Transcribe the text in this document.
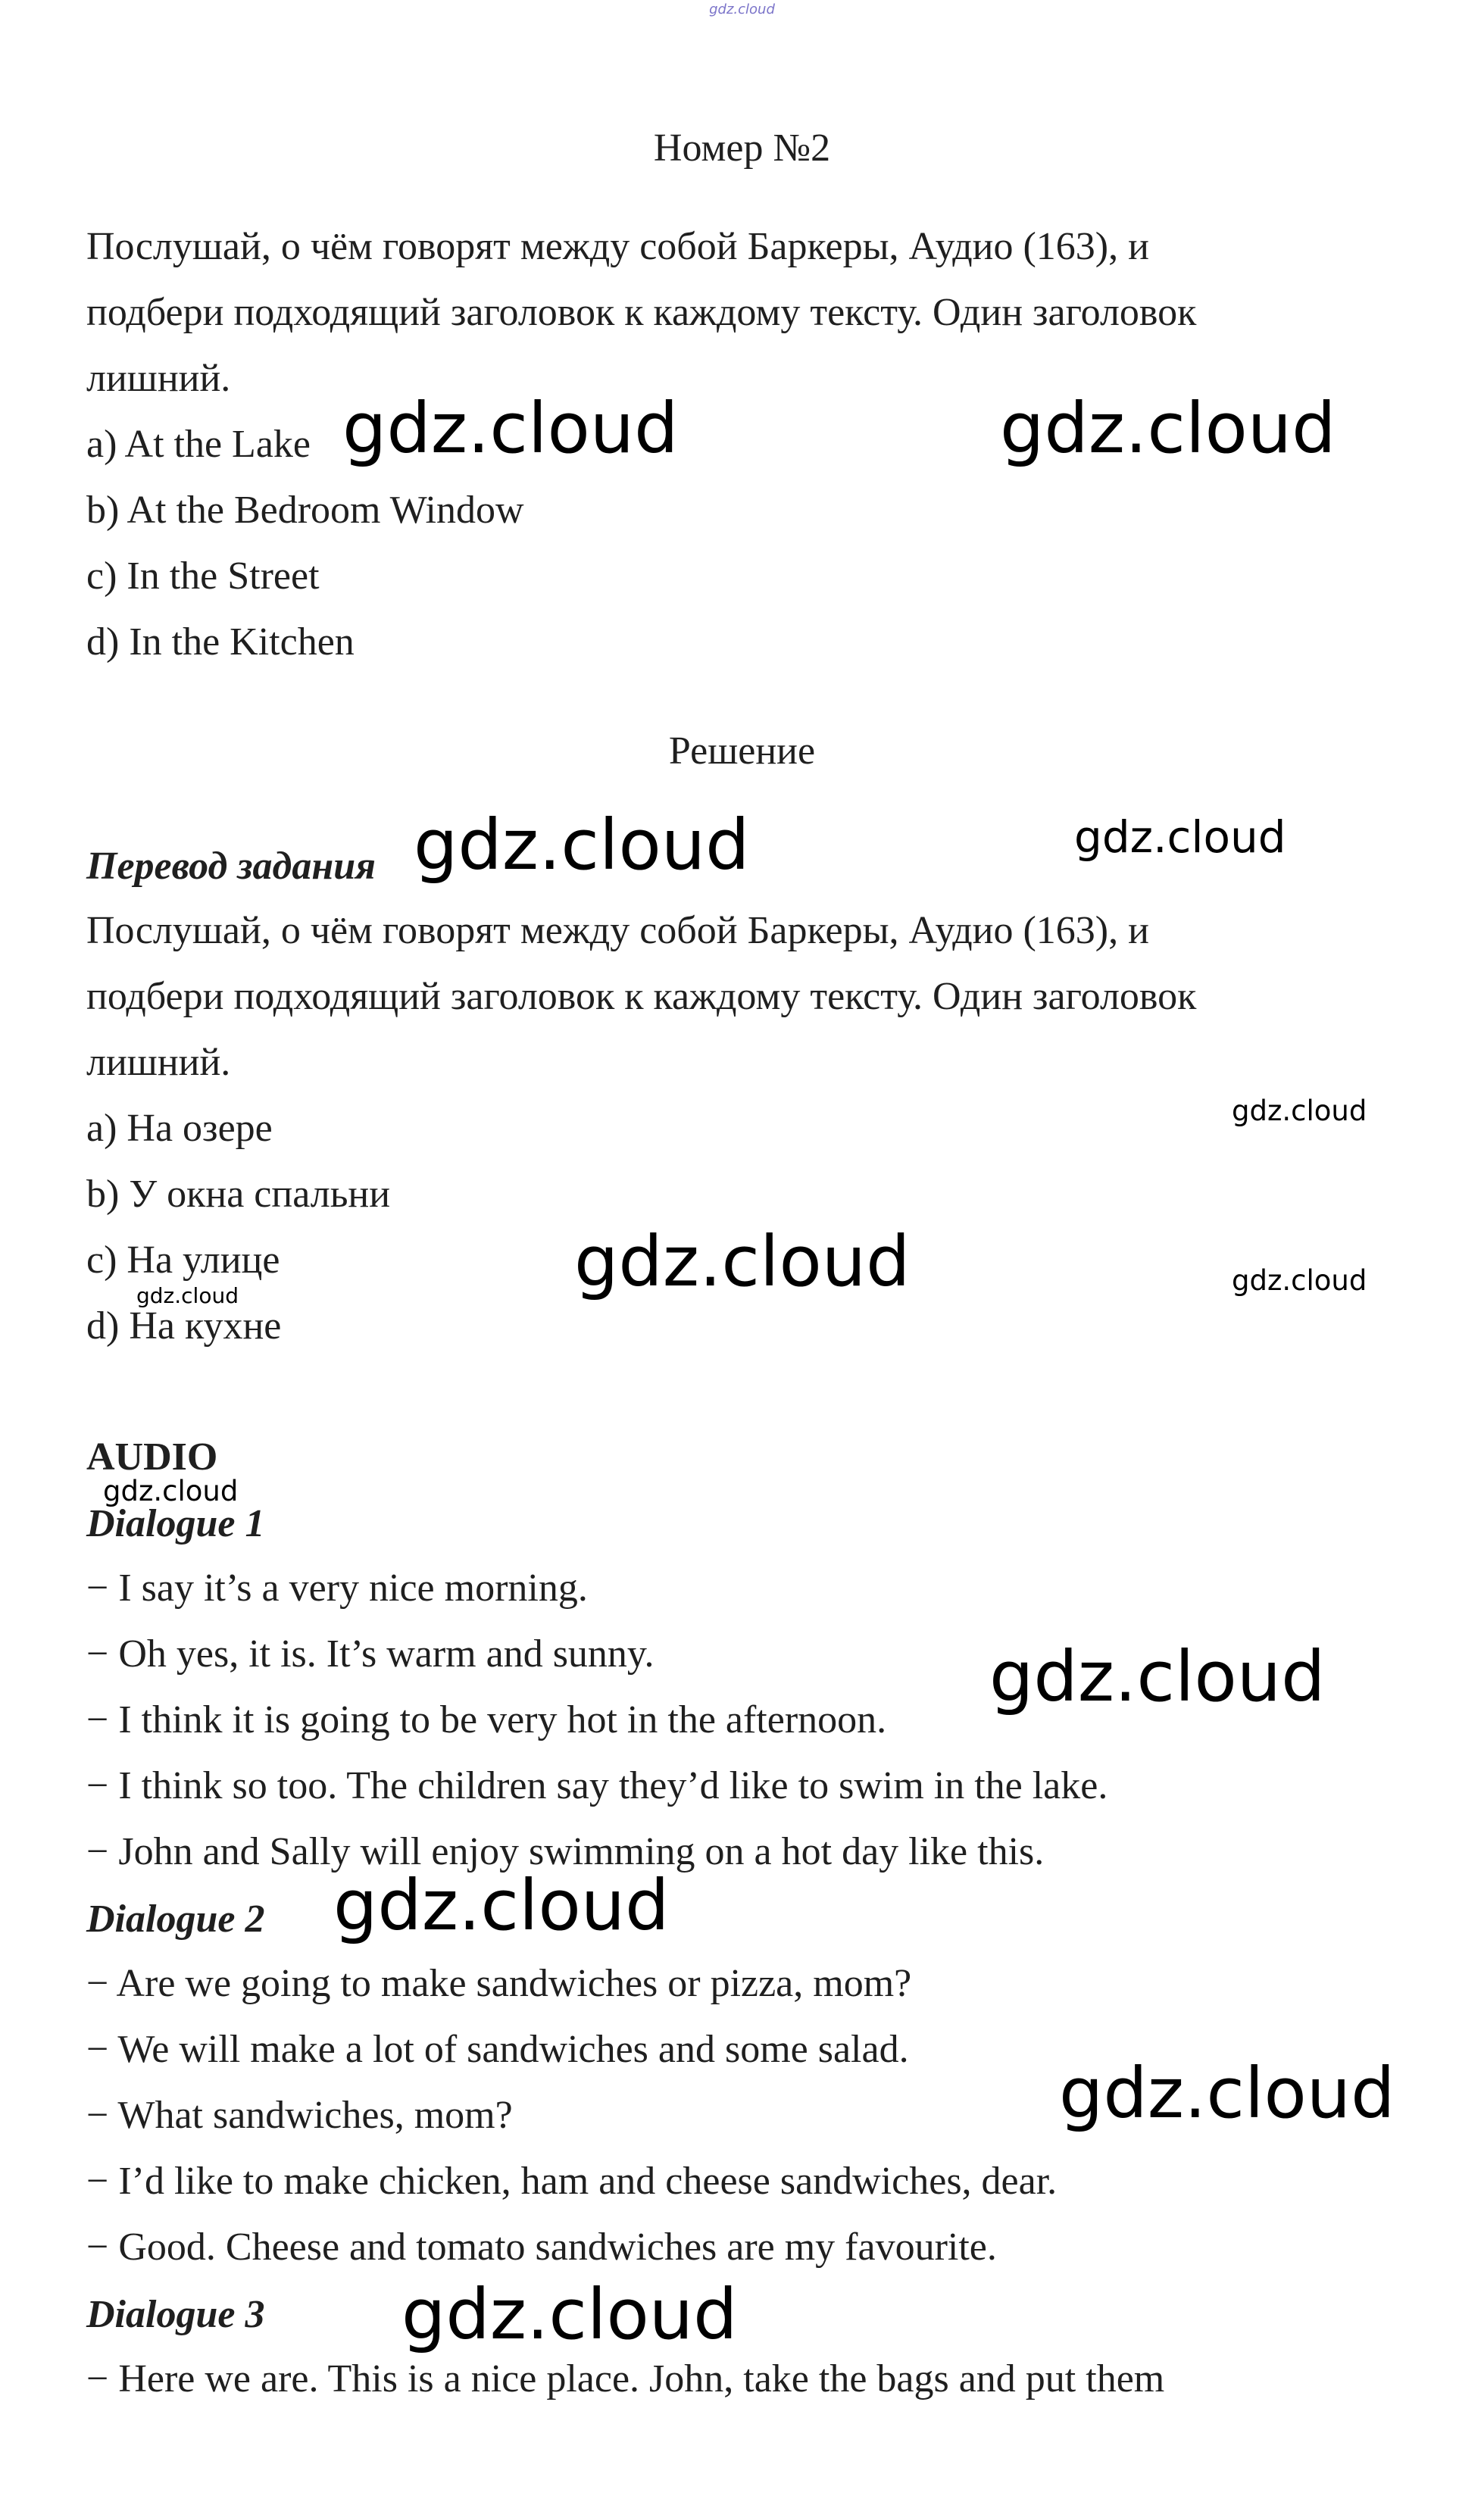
gdz.cloud
Номер №2
Послушай, о чём говорят между собой Баркеры, Аудио (163), и
подбери подходящий заголовок к каждому тексту. Один заголовок
лишний.
a) At the Lake
b) At the Bedroom Window
c) In the Street
d) In the Kitchen
Решение
Перевод задания
Послушай, о чём говорят между собой Баркеры, Аудио (163), и
подбери подходящий заголовок к каждому тексту. Один заголовок
лишний.
a) На озере
b) У окна спальни
c) На улице
d) На кухне
AUDIO
Dialogue 1
− I say it’s a very nice morning.
− Oh yes, it is. It’s warm and sunny.
− I think it is going to be very hot in the afternoon.
− I think so too. The children say they’d like to swim in the lake.
− John and Sally will enjoy swimming on a hot day like this.
Dialogue 2
− Are we going to make sandwiches or pizza, mom?
− We will make a lot of sandwiches and some salad.
− What sandwiches, mom?
− I’d like to make chicken, ham and cheese sandwiches, dear.
− Good. Cheese and tomato sandwiches are my favourite.
Dialogue 3
− Here we are. This is a nice place. John, take the bags and put them
gdz.cloud	gdz.cloud
gdz.cloud	gdz.cloud
gdz.cloud
gdz.cloud	gdz.cloud
gdz.cloud
gdz.cloud
gdz.cloud
gdz.cloud
gdz.cloud
gdz.cloud
